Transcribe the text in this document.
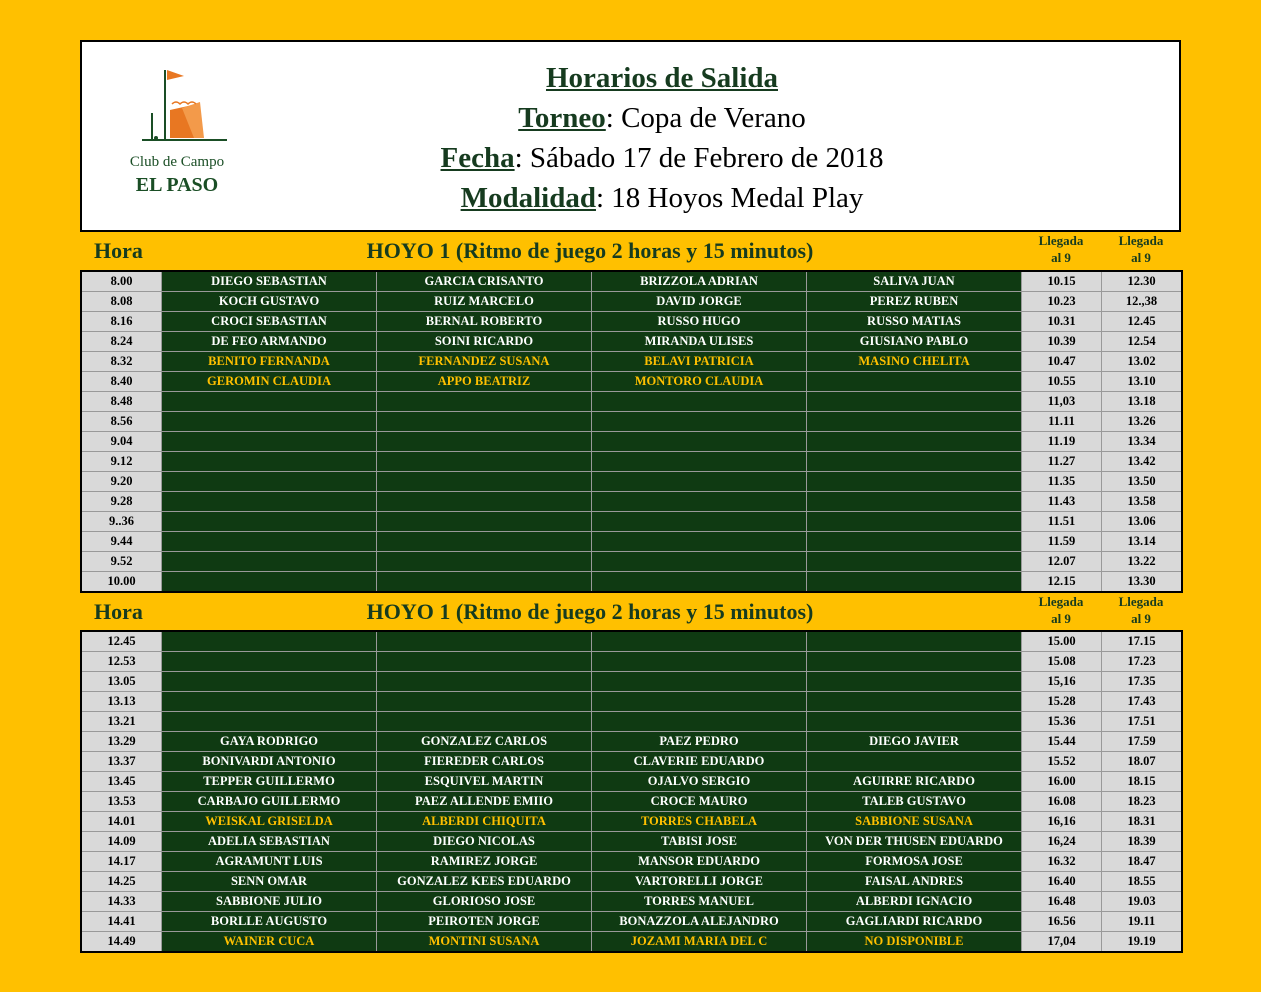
Club de Campo
EL PASO
Horarios de Salida
Torneo: Copa de Verano
Fecha: Sábado 17 de Febrero de 2018
Modalidad: 18 Hoyos Medal Play
Hora	HOYO 1 (Ritmo de juego 2 horas y 15 minutos)	Llegada
al 9
Llegada
al 9
8.00	DIEGO SEBASTIAN	GARCIA CRISANTO	BRIZZOLA ADRIAN	SALIVA JUAN	10.15	12.30
8.08	KOCH GUSTAVO	RUIZ MARCELO	DAVID JORGE	PEREZ RUBEN	10.23	12.,38
8.16	CROCI SEBASTIAN	BERNAL ROBERTO	RUSSO HUGO	RUSSO MATIAS	10.31	12.45
8.24	DE FEO ARMANDO	SOINI RICARDO	MIRANDA ULISES	GIUSIANO PABLO	10.39	12.54
8.32	BENITO FERNANDA	FERNANDEZ SUSANA	BELAVI PATRICIA	MASINO CHELITA	10.47	13.02
8.40	GEROMIN CLAUDIA	APPO BEATRIZ	MONTORO CLAUDIA		10.55	13.10
8.48					11,03	13.18
8.56					11.11	13.26
9.04					11.19	13.34
9.12					11.27	13.42
9.20					11.35	13.50
9.28					11.43	13.58
9..36					11.51	13.06
9.44					11.59	13.14
9.52					12.07	13.22
10.00					12.15	13.30
Hora	HOYO 1 (Ritmo de juego 2 horas y 15 minutos)	Llegada
al 9
Llegada
al 9
12.45					15.00	17.15
12.53					15.08	17.23
13.05					15,16	17.35
13.13					15.28	17.43
13.21					15.36	17.51
13.29	GAYA RODRIGO	GONZALEZ CARLOS	PAEZ PEDRO	DIEGO JAVIER	15.44	17.59
13.37	BONIVARDI ANTONIO	FIEREDER CARLOS	CLAVERIE EDUARDO		15.52	18.07
13.45	TEPPER GUILLERMO	ESQUIVEL MARTIN	OJALVO SERGIO	AGUIRRE RICARDO	16.00	18.15
13.53	CARBAJO GUILLERMO	PAEZ ALLENDE EMIIO	CROCE MAURO	TALEB GUSTAVO	16.08	18.23
14.01	WEISKAL GRISELDA	ALBERDI CHIQUITA	TORRES CHABELA	SABBIONE SUSANA	16,16	18.31
14.09	ADELIA SEBASTIAN	DIEGO NICOLAS	TABISI JOSE	VON DER THUSEN EDUARDO	16,24	18.39
14.17	AGRAMUNT LUIS	RAMIREZ JORGE	MANSOR EDUARDO	FORMOSA JOSE	16.32	18.47
14.25	SENN OMAR	GONZALEZ KEES EDUARDO	VARTORELLI JORGE	FAISAL ANDRES	16.40	18.55
14.33	SABBIONE JULIO	GLORIOSO JOSE	TORRES MANUEL	ALBERDI IGNACIO	16.48	19.03
14.41	BORLLE AUGUSTO	PEIROTEN JORGE	BONAZZOLA ALEJANDRO	GAGLIARDI RICARDO	16.56	19.11
14.49	WAINER CUCA	MONTINI SUSANA	JOZAMI MARIA DEL C	NO DISPONIBLE	17,04	19.19
